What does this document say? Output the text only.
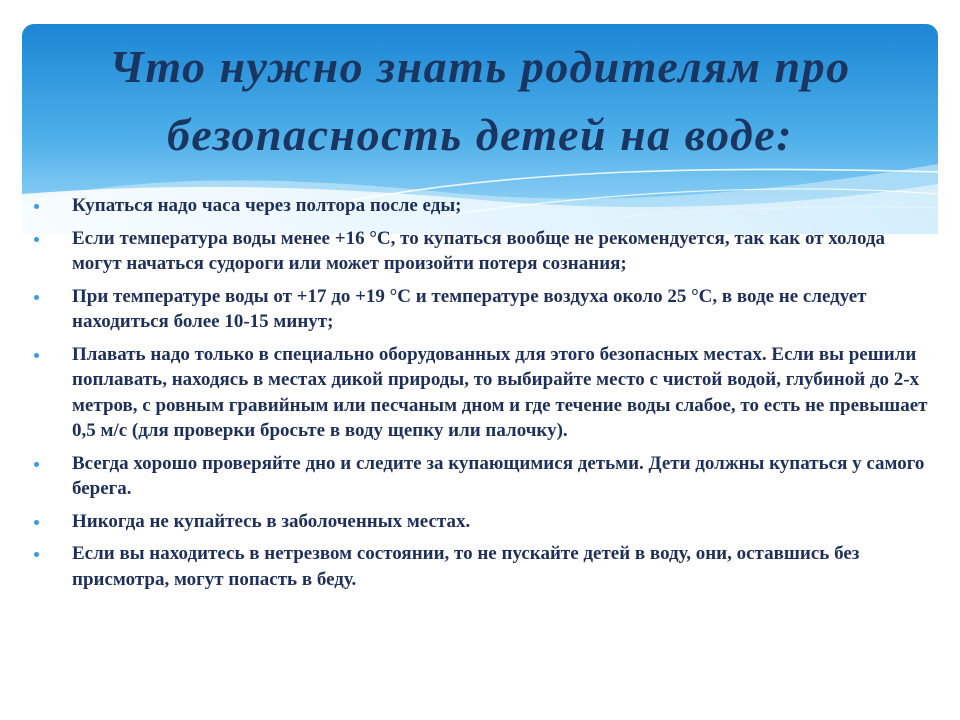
Что нужно знать родителям про
безопасность детей на воде:
Купаться надо часа через полтора после еды;
Если температура воды менее +16 °С, то купаться вообще не рекомендуется, так как от холода могут начаться судороги или может произойти потеря сознания;
При температуре воды от +17 до +19 °С и температуре воздуха около 25 °С, в воде не следует находиться более 10-15 минут;
Плавать надо только в специально оборудованных для этого безопасных местах. Если вы решили поплавать, находясь в местах дикой природы, то выбирайте место с чистой водой, глубиной до 2-х метров, с ровным гравийным или песчаным дном и где течение воды слабое, то есть не превышает 0,5 м/с (для проверки бросьте в воду щепку или палочку).
Всегда хорошо проверяйте дно и следите за купающимися детьми. Дети должны купаться у самого берега.
Никогда не купайтесь в заболоченных местах.
Если вы находитесь в нетрезвом состоянии, то не пускайте детей в воду, они, оставшись без присмотра, могут попасть в беду.
